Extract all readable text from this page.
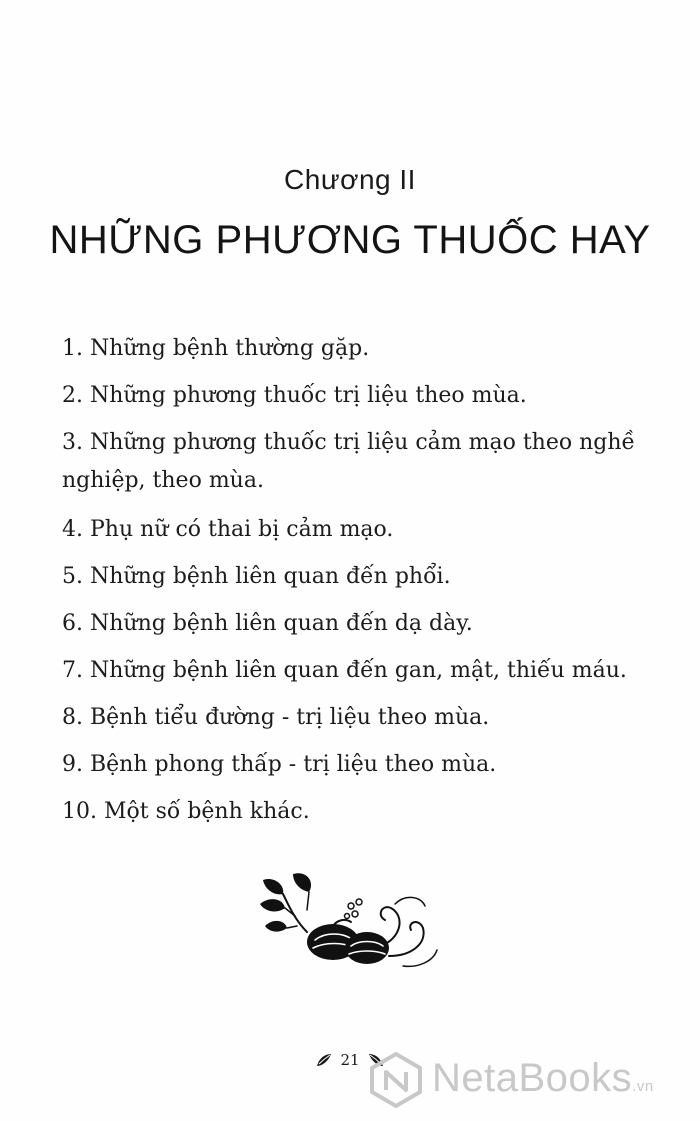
Chương II
NHỮNG PHƯƠNG THUỐC HAY
1. Những bệnh thường gặp.
2. Những phương thuốc trị liệu theo mùa.
3. Những phương thuốc trị liệu cảm mạo theo nghề nghiệp, theo mùa.
4. Phụ nữ có thai bị cảm mạo.
5. Những bệnh liên quan đến phổi.
6. Những bệnh liên quan đến dạ dày.
7. Những bệnh liên quan đến gan, mật, thiếu máu.
8. Bệnh tiểu đường - trị liệu theo mùa.
9. Bệnh phong thấp - trị liệu theo mùa.
10. Một số bệnh khác.
21	NetaBooks.vn
